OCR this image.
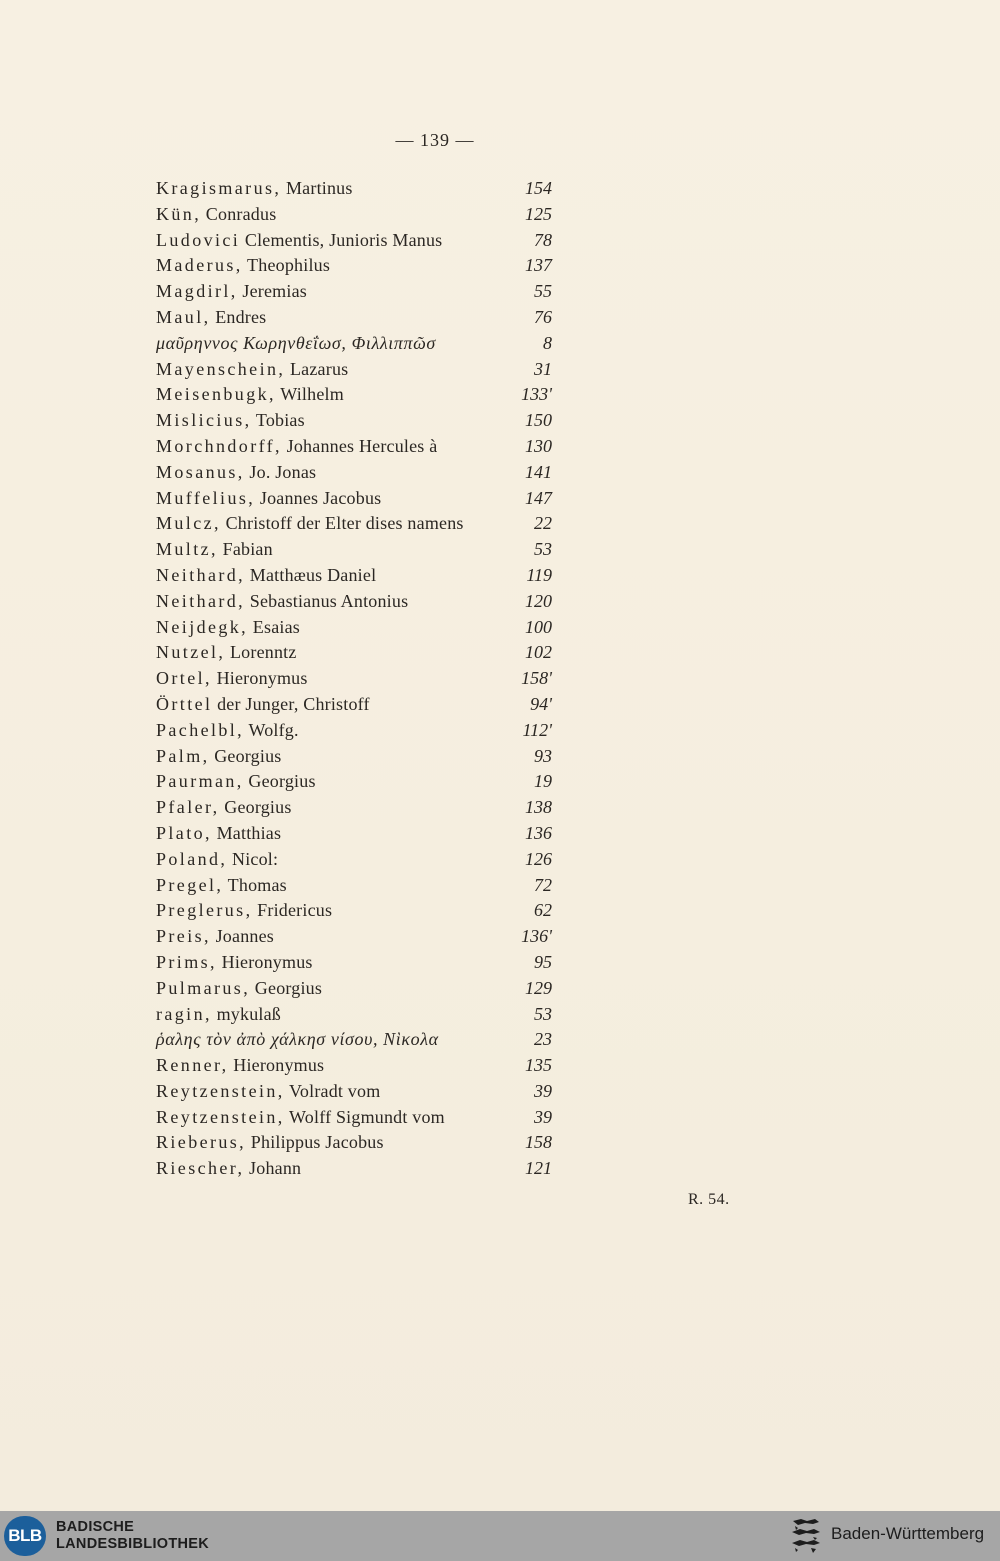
— 139 —
Kragismarus, Martinus	154
Kün, Conradus	125
Ludovici Clementis, Junioris Manus	78
Maderus, Theophilus	137
Magdirl, Jeremias	55
Maul, Endres	76
μαῦρηννος Κωρηνθεΐωσ, Φιλλιππῶσ	8
Mayenschein, Lazarus	31
Meisenbugk, Wilhelm	133'
Mislicius, Tobias	150
Morchndorff, Johannes Hercules à	130
Mosanus, Jo. Jonas	141
Muffelius, Joannes Jacobus	147
Mulcz, Christoff der Elter dises namens	22
Multz, Fabian	53
Neithard, Matthæus Daniel	119
Neithard, Sebastianus Antonius	120
Neijdegk, Esaias	100
Nutzel, Lorenntz	102
Ortel, Hieronymus	158'
Örttel der Junger, Christoff	94'
Pachelbl, Wolfg.	112'
Palm, Georgius	93
Paurman, Georgius	19
Pfaler, Georgius	138
Plato, Matthias	136
Poland, Nicol:	126
Pregel, Thomas	72
Preglerus, Fridericus	62
Preis, Joannes	136'
Prims, Hieronymus	95
Pulmarus, Georgius	129
ragin, mykulaß	53
ῥαλης τὸν ἀπὸ χάλκησ νίσου, Νὶκολα	23
Renner, Hieronymus	135
Reytzenstein, Volradt vom	39
Reytzenstein, Wolff Sigmundt vom	39
Rieberus, Philippus Jacobus	158
Riescher, Johann	121
R. 54.
BLB BADISCHE
LANDESBIBLIOTHEK
Baden-Württemberg
